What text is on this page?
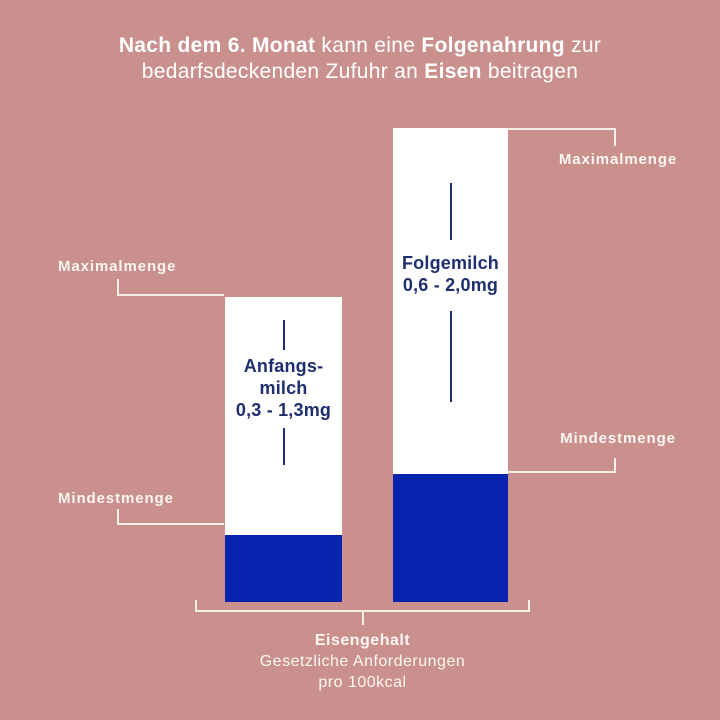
Nach dem 6. Monat kann eine Folgenahrung zur
bedarfsdeckenden Zufuhr an Eisen beitragen
Anfangs-
milch
0,3 - 1,3mg
Folgemilch
0,6 - 2,0mg
Maximalmenge
Mindestmenge
Maximalmenge
Mindestmenge
Eisengehalt
Gesetzliche Anforderungen
pro 100kcal
